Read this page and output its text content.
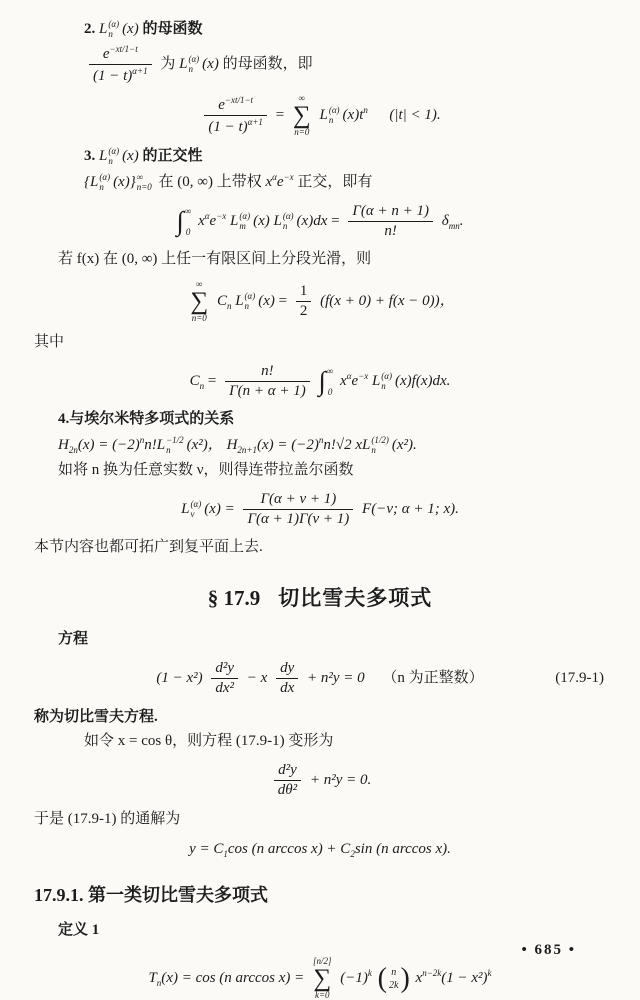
2. L (α)
n (x) 的母函数

$\frac{e^{-xt/1-t}}{(1 - t)^{\alpha+1}}$ 为 L (α)
n (x) 的母函数，即

$\frac{e^{-xt/1-t}}{(1 - t)^{\alpha+1}}$ =
∞
∑
n=0
L (α)
n $(x)t^n$ (|t| < 1).

3. L (α)
n (x) 的正交性

{L (α)
n (x)} ∞
n=0 在 (0, ∞) 上带权 $x^\alpha e^{-x}$ 正交，即有

∫ ∞
0
$x^\alpha e^{-x}$ L (α)
m (x) L (α)
n $(x)dx = \frac{\Gamma(\alpha + n + 1)}{n!} \delta_{mn}$.

若 f(x) 在 (0, ∞) 上任一有限区间上分段光滑，则

∞
∑
n=0
$C_n$ L (α)
n $(x) = \frac{1}{2} (f(x + 0) + f(x - 0))$，

其中

$C_n = \frac{n!}{\Gamma(n + \alpha + 1)}$
∫ ∞
0
$x^\alpha e^{-x}$ L (α)
n (x)f(x)dx.

4.与埃尔米特多项式的关系

$H_{2n}(x) = (-2)^nn!L -1/2$
n	(x²)， $H_{2n+1}(x) = (-2)^nn!√2$ xL (1/2)
n	(x²).

如将 n 换为任意实数 ν，则得连带拉盖尔函数

L (α)
ν $(x) = \frac{\Gamma(\alpha + \nu + 1)}{\Gamma(\alpha + 1)\Gamma(\nu + 1)} F(-\nu$; α + 1; x).

本节内容也都可拓广到复平面上去.

§ 17.9 切比雪夫多项式

方程

$(1 - x^2) \frac{\text{d²y}}{\text{dx²}} - x \frac{dy}{dx} + n^2y = 0$ （n 为正整数）	(17.9-1)

称为切比雪夫方程.

如令 x = cos θ，则方程 (17.9-1) 变形为

$\frac{\text{d²y}}{\text{dθ²}} + n^2y = 0$.

于是 (17.9-1) 的通解为

$y = C_1\cos$ (n $\arccos x) + C_2\sin$ (n arccos x).
17.9.1. 第一类切比雪夫多项式

定义 1

$T_n(x) = \cos (n$ arccos x) =
[n/2]
∑
k=0
$(-1)^k$ ( n
2k ) $x^{n-2k}(1 - x^2)^k$
• 685 •
